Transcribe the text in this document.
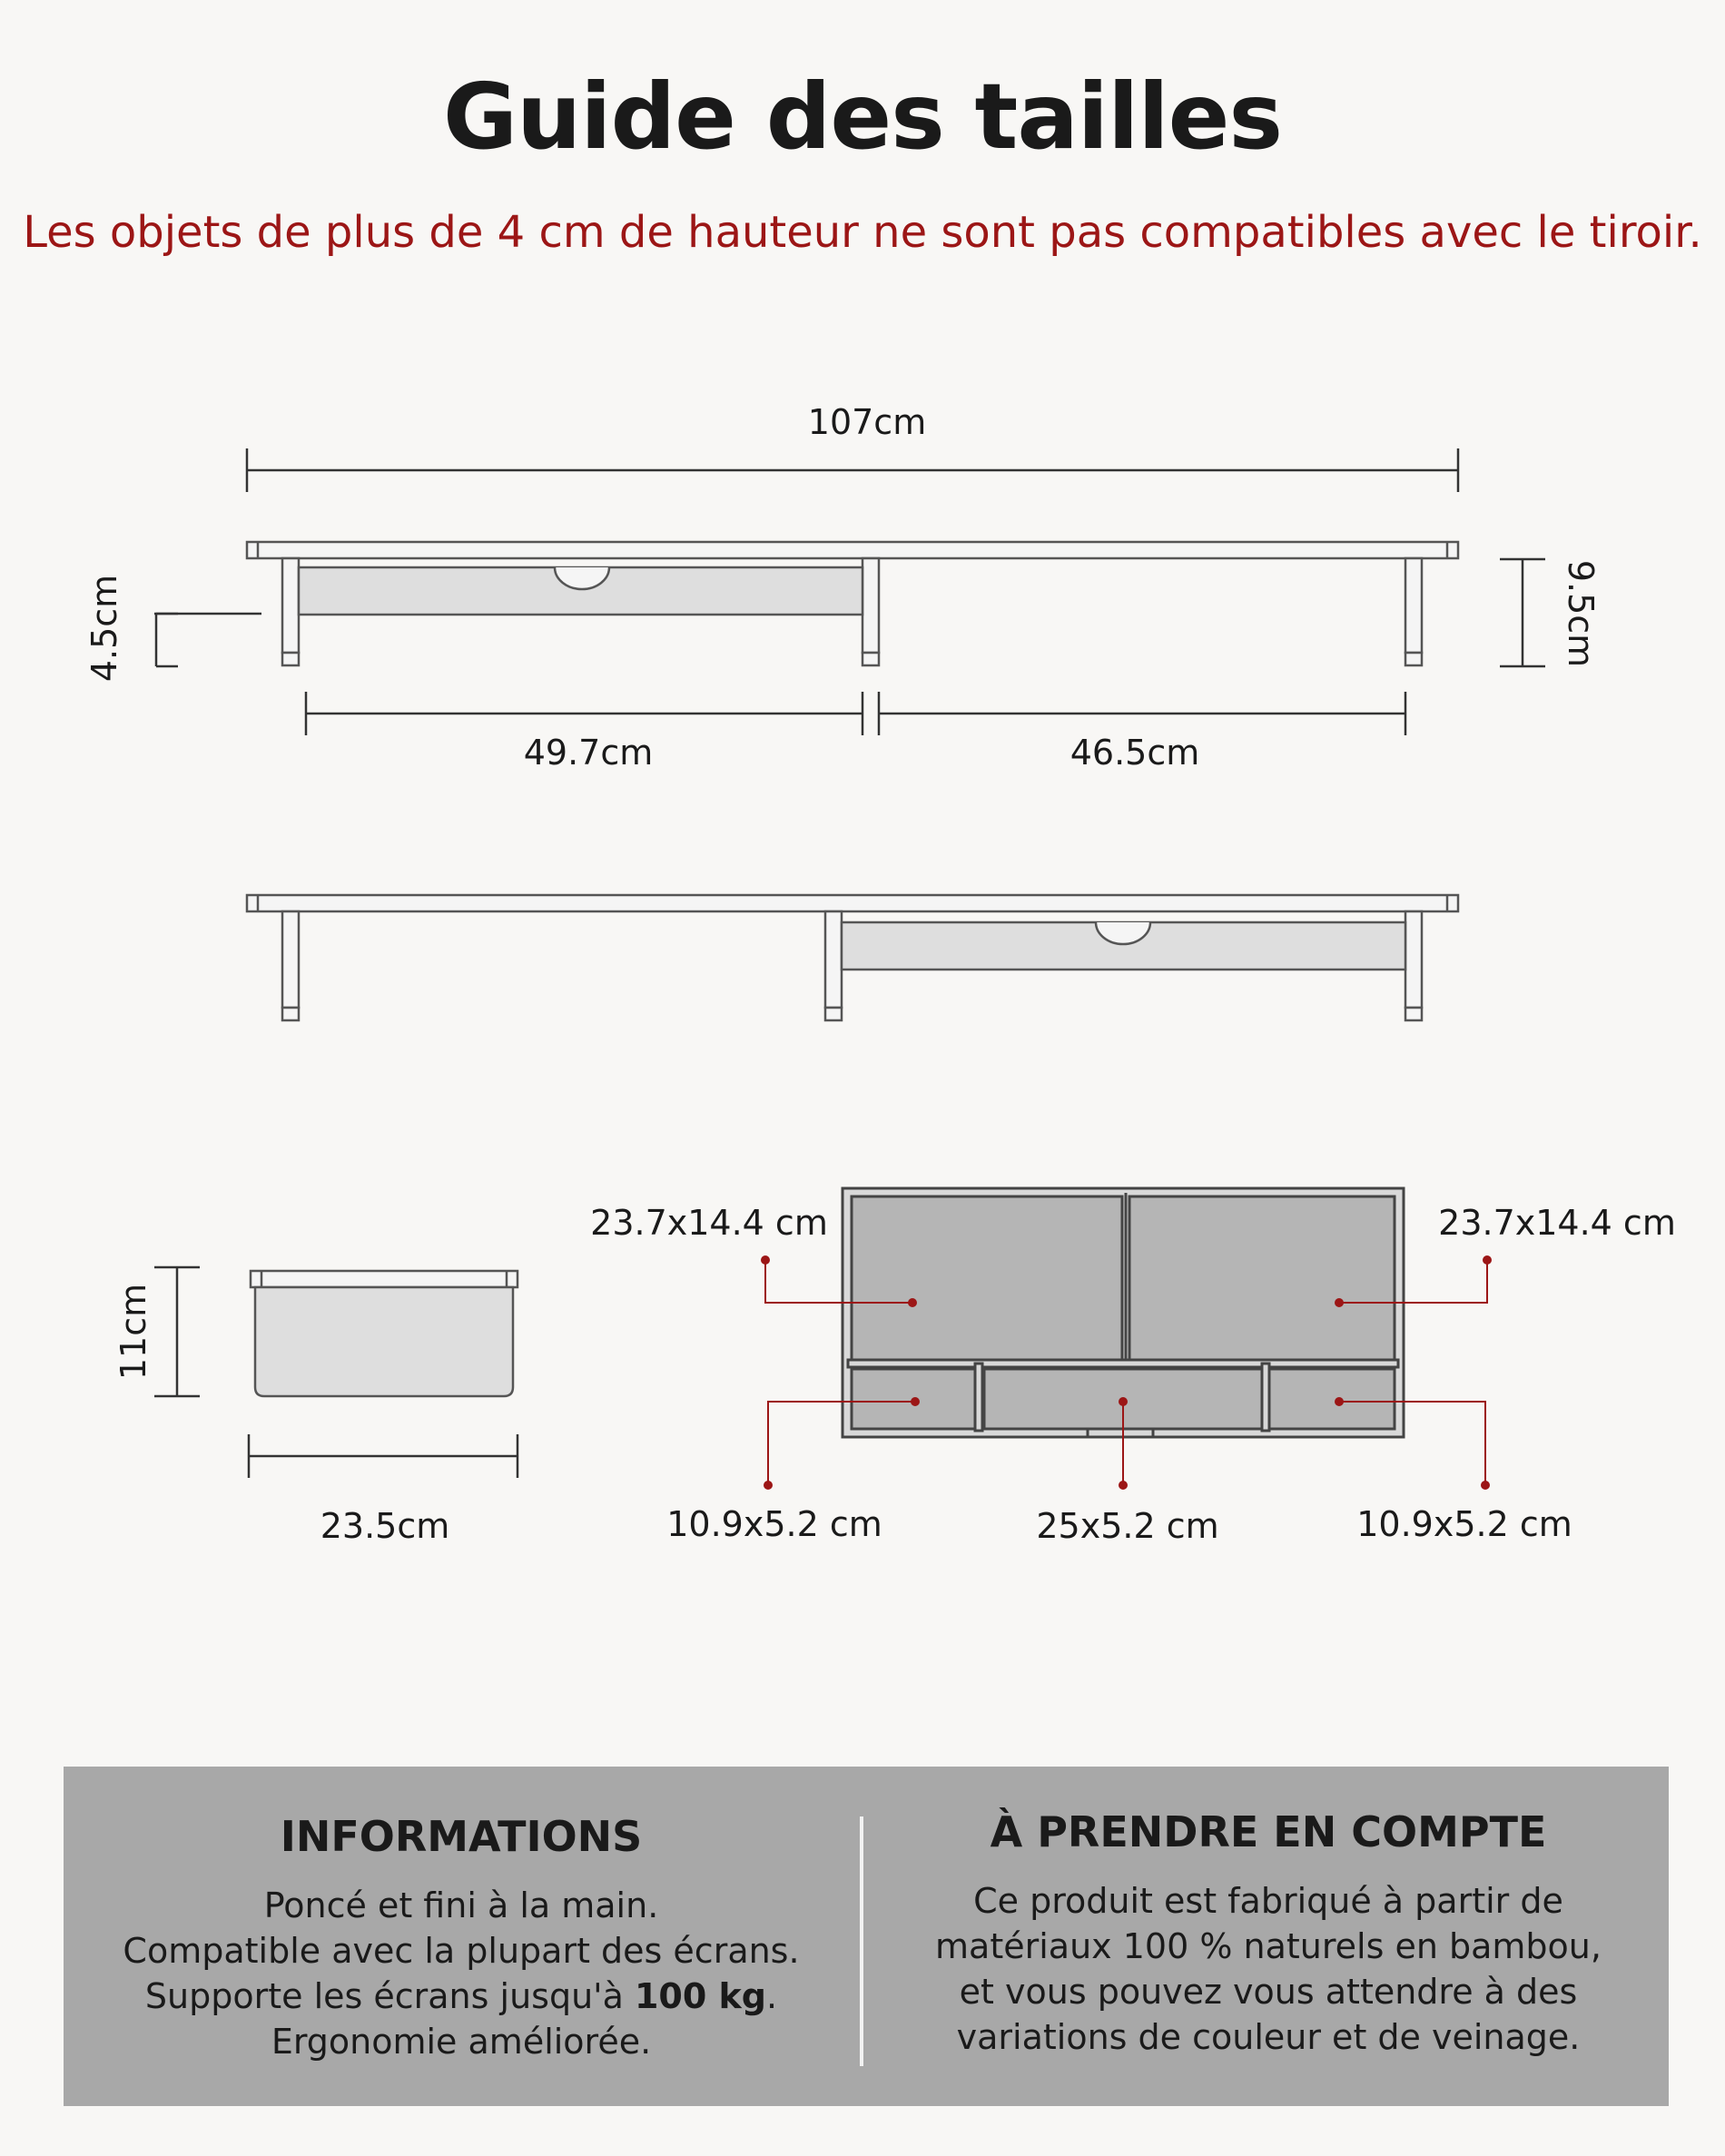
Guide des tailles
Les objets de plus de 4 cm de hauteur ne sont pas compatibles avec le tiroir.
107cm
4.5cm	9.5cm
49.7cm	46.5cm
11cm
23.5cm
23.7x14.4 cm	23.7x14.4 cm
10.9x5.2 cm	25x5.2 cm	10.9x5.2 cm
INFORMATIONS
Poncé et fini à la main.
Compatible avec la plupart des écrans.
Supporte les écrans jusqu'à 100 kg.
Ergonomie améliorée.
À PRENDRE EN COMPTE
Ce produit est fabriqué à partir de
matériaux 100 % naturels en bambou,
et vous pouvez vous attendre à des
variations de couleur et de veinage.
